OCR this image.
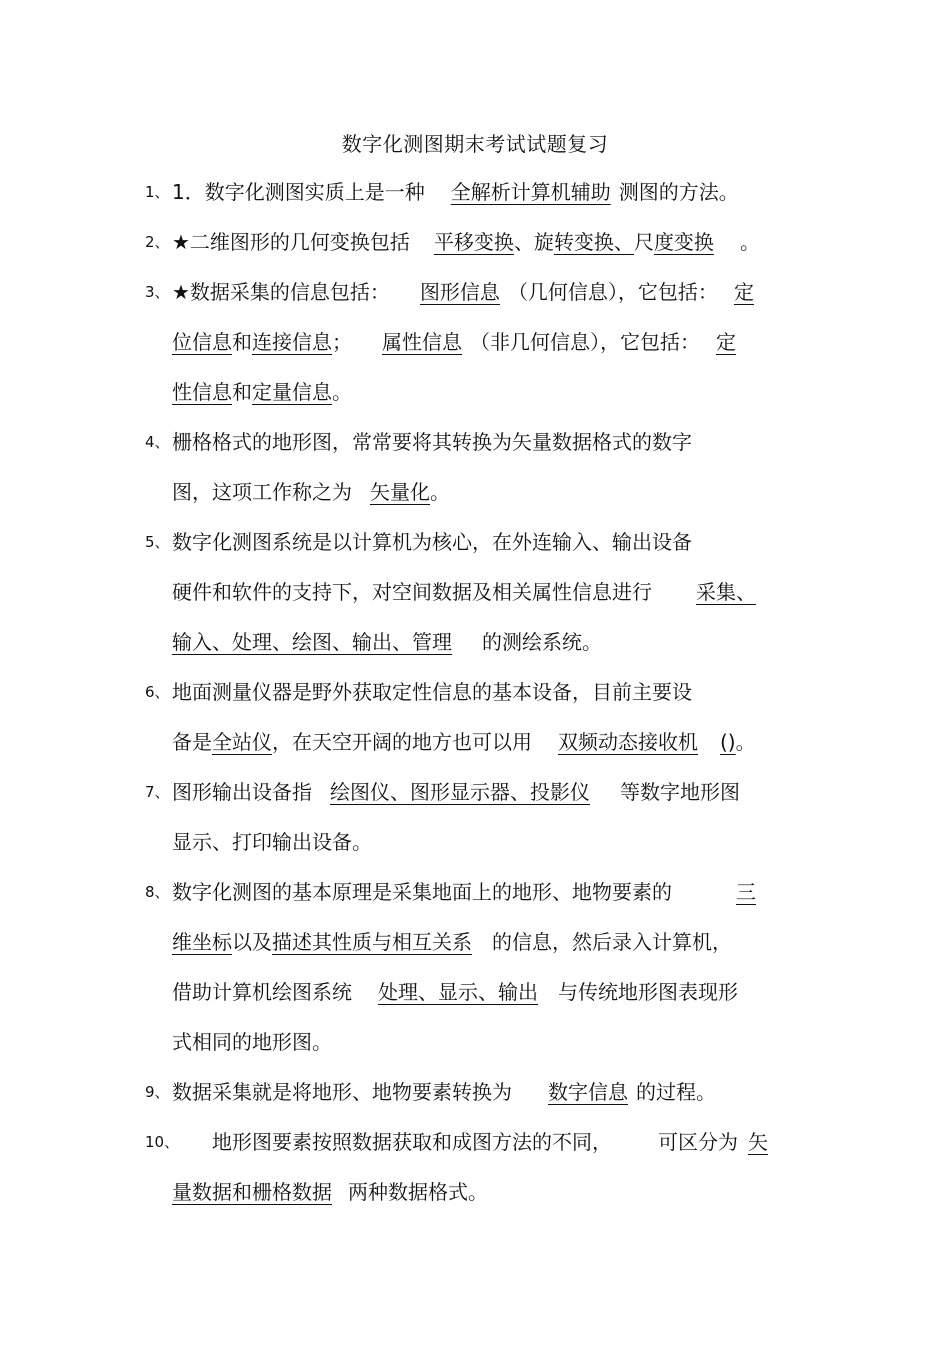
数字化测图期末考试试题复习
1、 1．数字化测图实质上是一种 全解析计算机辅助 测图的方法。
2、 ★二维图形的几何变换包括 平移变换、旋转变换、尺度变换 。
3、 ★数据采集的信息包括： 图形信息 （几何信息），它包括： 定
位信息和连接信息； 属性信息 （非几何信息），它包括： 定
性信息和定量信息。
4、 栅格格式的地形图，常常要将其转换为矢量数据格式的数字
图，这项工作称之为 矢量化。
5、 数字化测图系统是以计算机为核心，在外连输入、输出设备
硬件和软件的支持下，对空间数据及相关属性信息进行 采集、
输入、处理、绘图、输出、管理 的测绘系统。
6、 地面测量仪器是野外获取定性信息的基本设备，目前主要设
备是全站仪，在天空开阔的地方也可以用 双频动态接收机 ()。
7、 图形输出设备指 绘图仪、图形显示器、投影仪 等数字地形图
显示、打印输出设备。
8、 数字化测图的基本原理是采集地面上的地形、地物要素的	三
维坐标以及描述其性质与相互关系 的信息，然后录入计算机，
借助计算机绘图系统 处理、显示、输出 与传统地形图表现形
式相同的地形图。
9、 数据采集就是将地形、地物要素转换为 数字信息 的过程。
10、 地形图要素按照数据获取和成图方法的不同， 可区分为 矢
量数据和栅格数据 两种数据格式。
